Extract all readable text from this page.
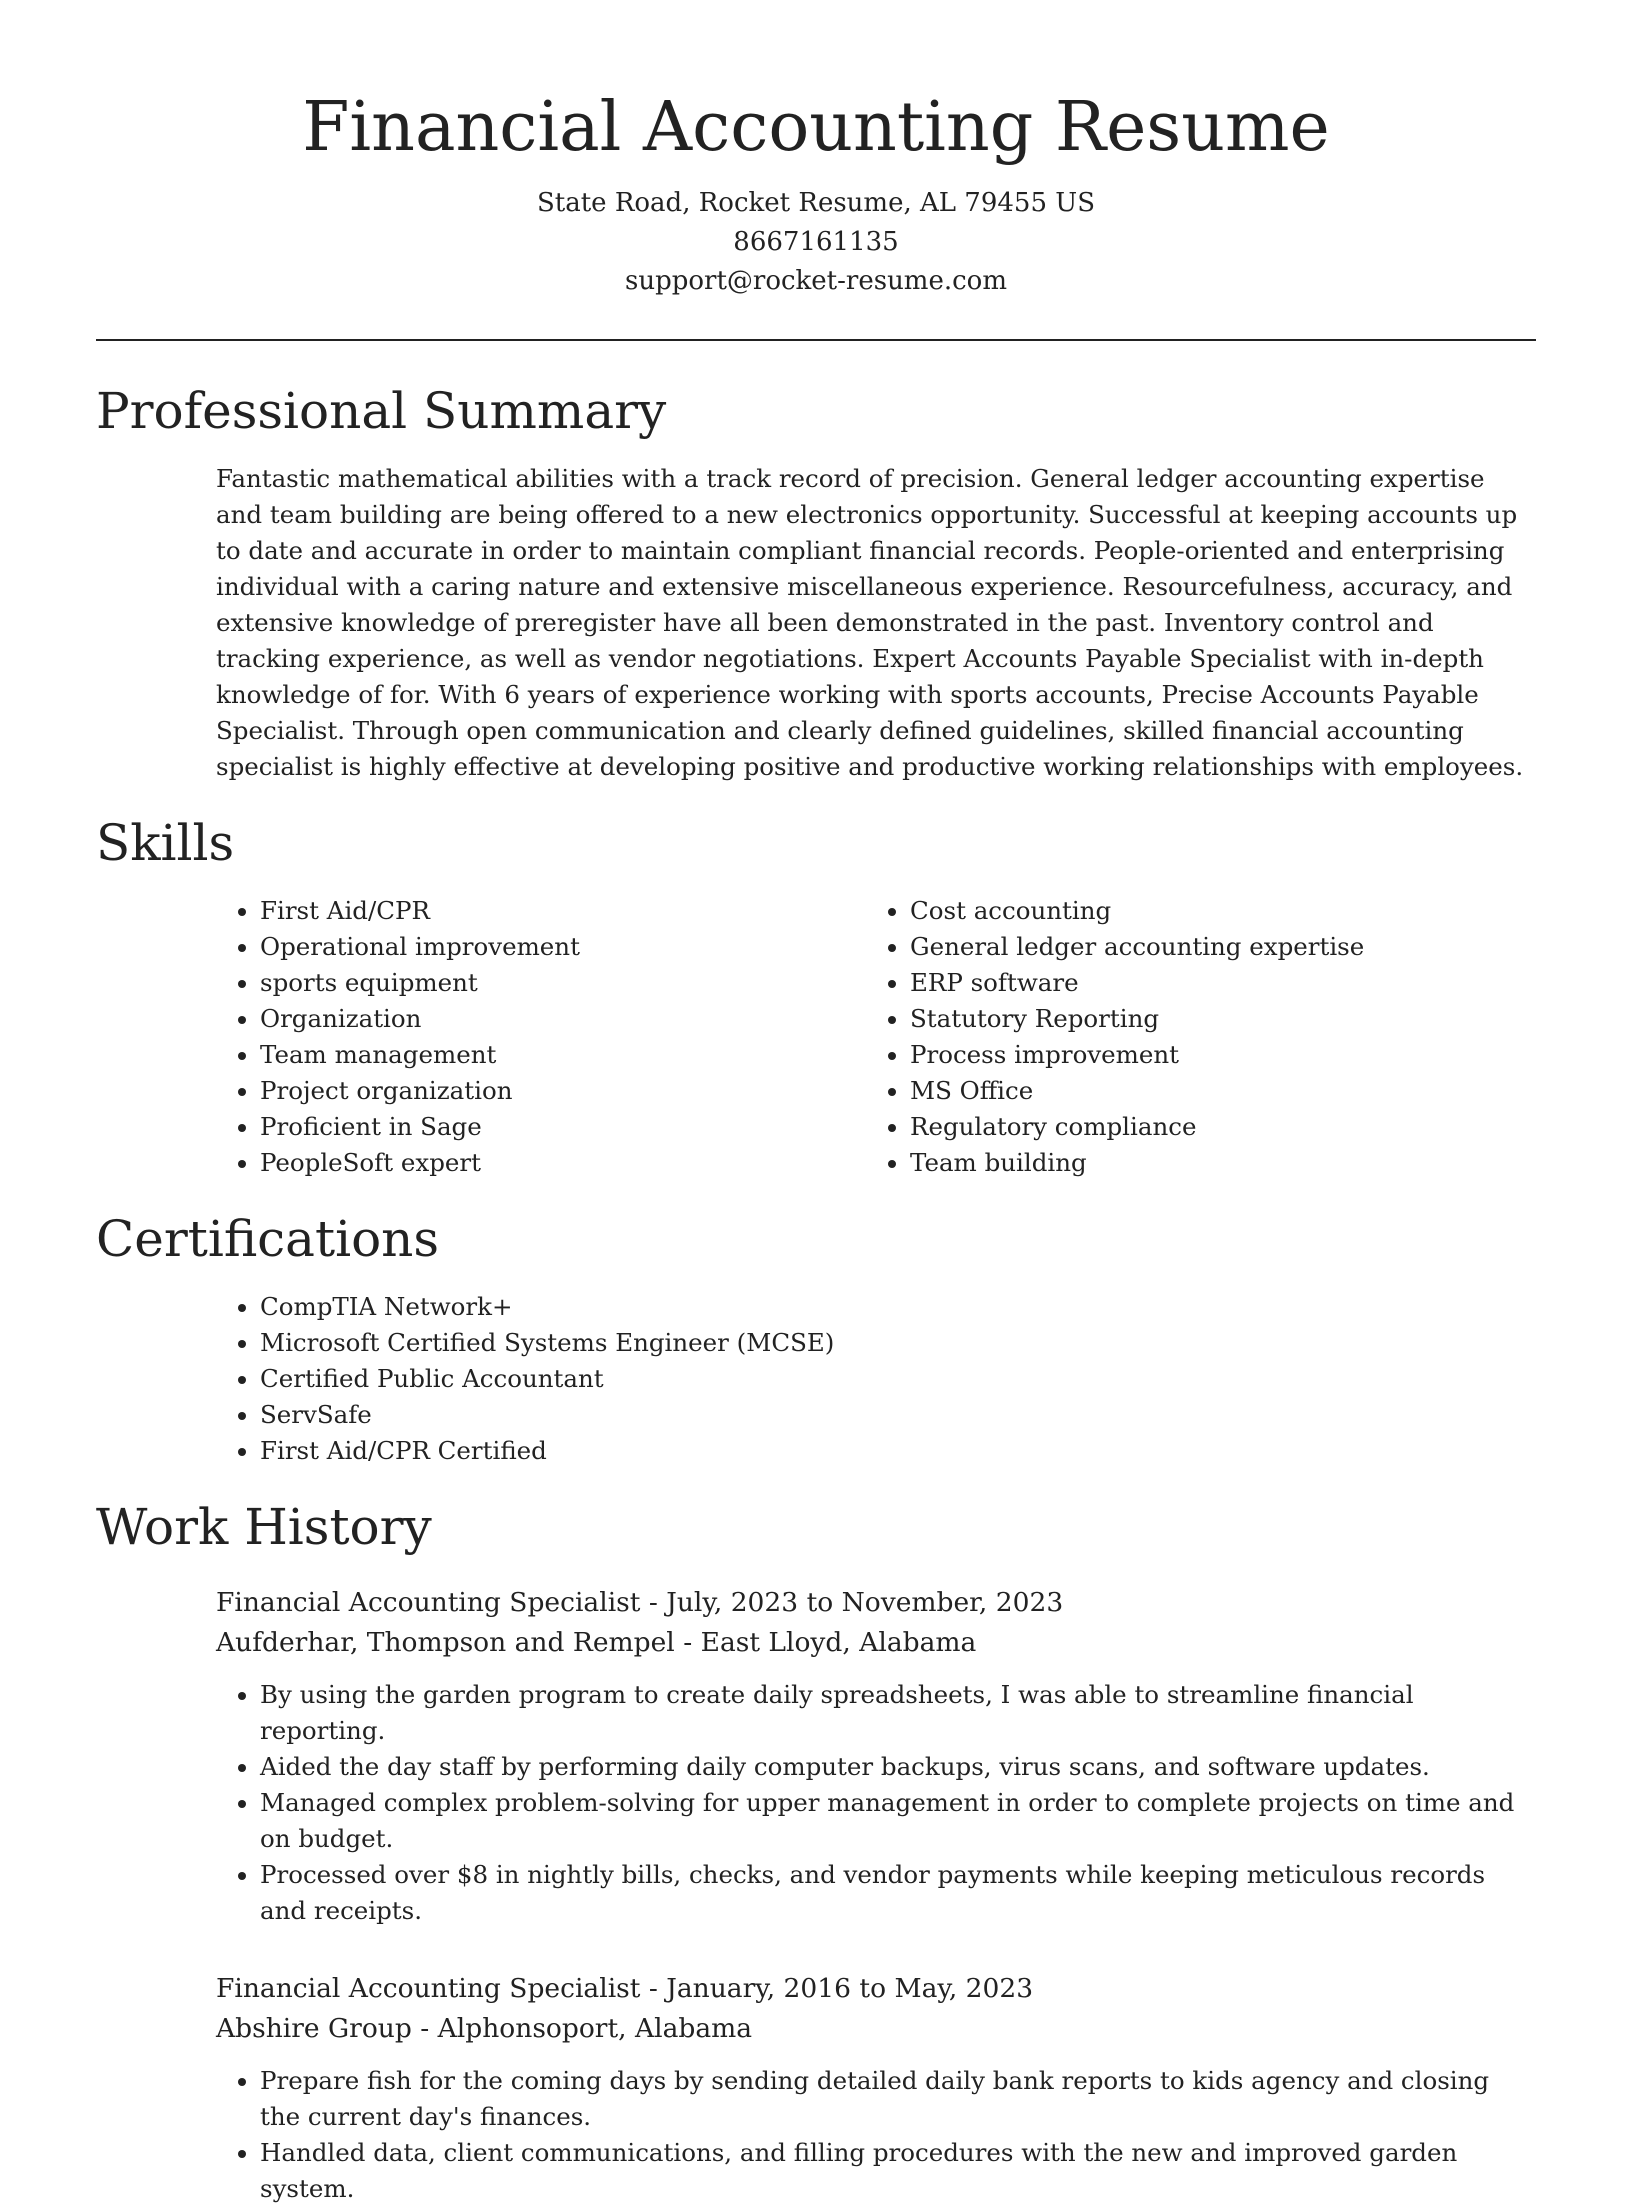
Financial Accounting Resume
State Road, Rocket Resume, AL 79455 US
8667161135
support@rocket-resume.com
Professional Summary

Fantastic mathematical abilities with a track record of precision. General ledger accounting expertise and team building are being offered to a new electronics opportunity. Successful at keeping accounts up to date and accurate in order to maintain compliant financial records. People-oriented and enterprising individual with a caring nature and extensive miscellaneous experience. Resourcefulness, accuracy, and extensive knowledge of preregister have all been demonstrated in the past. Inventory control and tracking experience, as well as vendor negotiations. Expert Accounts Payable Specialist with in-depth knowledge of for. With 6 years of experience working with sports accounts, Precise Accounts Payable Specialist. Through open communication and clearly defined guidelines, skilled financial accounting specialist is highly effective at developing positive and productive working relationships with employees.

Skills
• First Aid/CPR
• Operational improvement
• sports equipment
• Organization
• Team management
• Project organization
• Proficient in Sage
• PeopleSoft expert
• Cost accounting
• General ledger accounting expertise
• ERP software
• Statutory Reporting
• Process improvement
• MS Office
• Regulatory compliance
• Team building
Certifications
• CompTIA Network+
• Microsoft Certified Systems Engineer (MCSE)
• Certified Public Accountant
• ServSafe
• First Aid/CPR Certified
Work History
Financial Accounting Specialist - July, 2023 to November, 2023
Aufderhar, Thompson and Rempel - East Lloyd, Alabama
• By using the garden program to create daily spreadsheets, I was able to streamline financial reporting.
• Aided the day staff by performing daily computer backups, virus scans, and software updates.
• Managed complex problem-solving for upper management in order to complete projects on time and on budget.
• Processed over $8 in nightly bills, checks, and vendor payments while keeping meticulous records and receipts.
Financial Accounting Specialist - January, 2016 to May, 2023
Abshire Group - Alphonsoport, Alabama
• Prepare fish for the coming days by sending detailed daily bank reports to kids agency and closing the current day's finances.
• Handled data, client communications, and filling procedures with the new and improved garden system.
